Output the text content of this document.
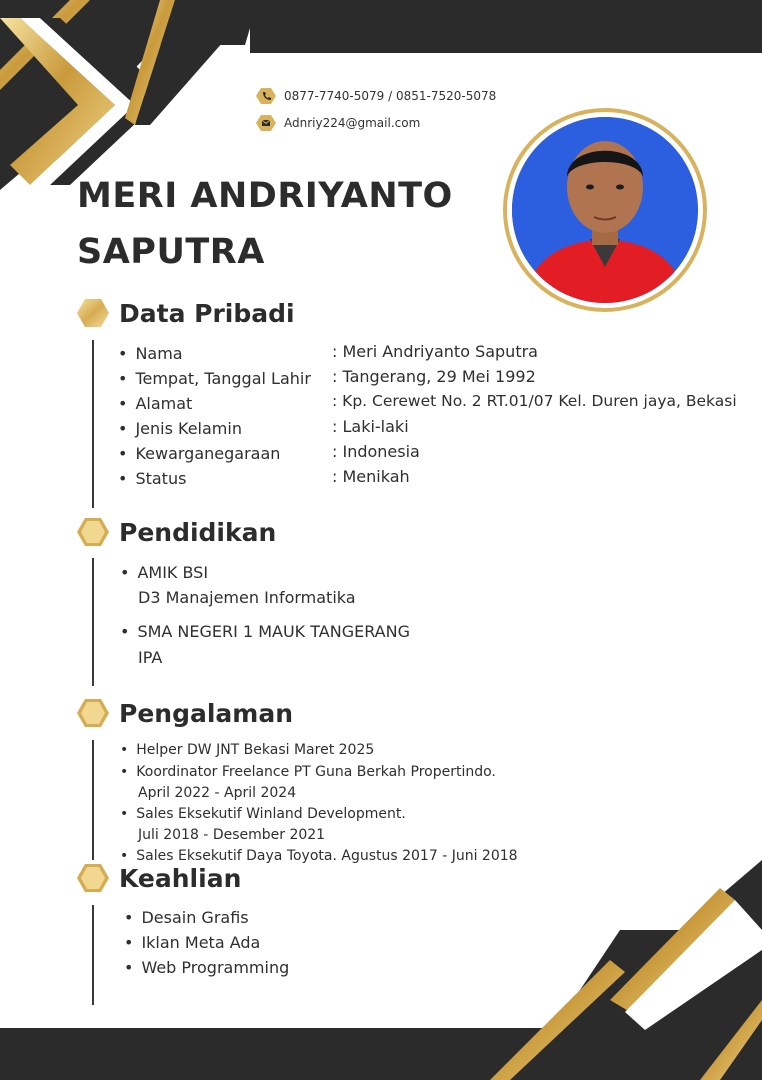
0877-7740-5079 / 0851-7520-5078
Adnriy224@gmail.com
MERI ANDRIYANTO
SAPUTRA
Data Pribadi
• Nama	: Meri Andriyanto Saputra
• Tempat, Tanggal Lahir : Tangerang, 29 Mei 1992
• Alamat	: Kp. Cerewet No. 2 RT.01/07 Kel. Duren jaya, Bekasi
• Jenis Kelamin	: Laki-laki
• Kewarganegaraan	: Indonesia
• Status	: Menikah
Pendidikan
• AMIK BSI
D3 Manajemen Informatika
• SMA NEGERI 1 MAUK TANGERANG
IPA
Pengalaman
• Helper DW JNT Bekasi Maret 2025
• Koordinator Freelance PT Guna Berkah Propertindo.
April 2022 - April 2024
• Sales Eksekutif Winland Development.
Juli 2018 - Desember 2021
• Sales Eksekutif Daya Toyota. Agustus 2017 - Juni 2018
Keahlian
• Desain Grafis
• Iklan Meta Ada
• Web Programming
